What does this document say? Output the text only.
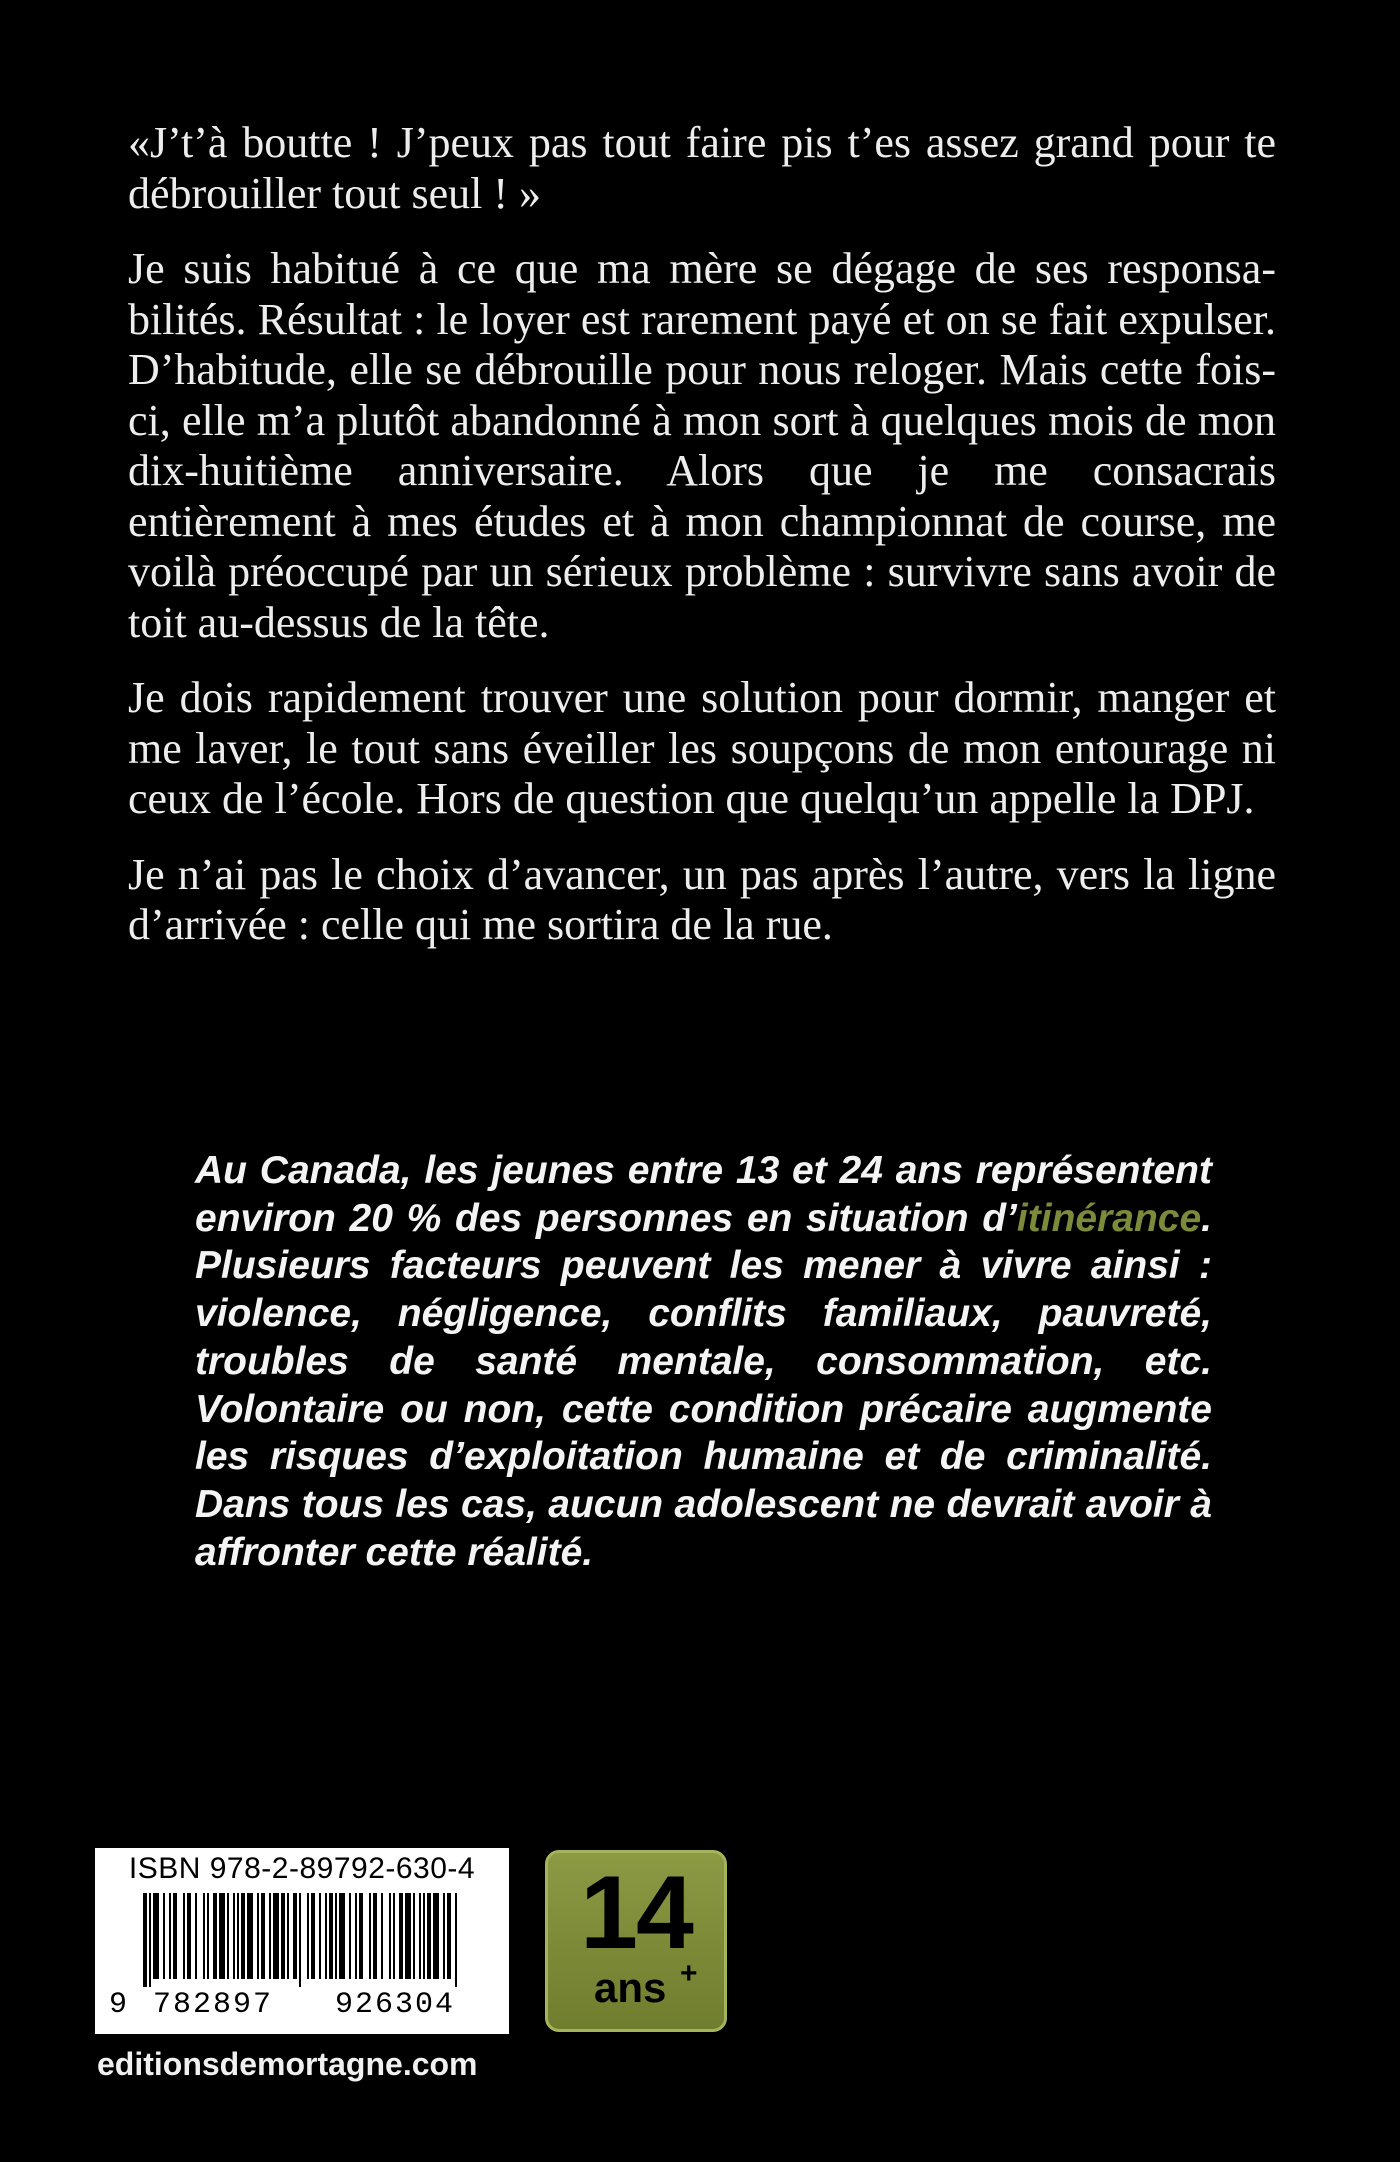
«J’t’à boutte ! J’peux pas tout faire pis t’es assez grand pour te débrouiller tout seul ! »

Je suis habitué à ce que ma mère se dégage de ses responsabilités. Résultat : le loyer est rarement payé et on se fait expulser. D’habitude, elle se débrouille pour nous reloger. Mais cette fois-ci, elle m’a plutôt abandonné à mon sort à quelques mois de mon dix-huitième anniversaire. Alors que je me consacrais entièrement à mes études et à mon championnat de course, me voilà préoccupé par un sérieux problème : survivre sans avoir de toit au-dessus de la tête.

Je dois rapidement trouver une solution pour dormir, manger et me laver, le tout sans éveiller les soupçons de mon entourage ni ceux de l’école. Hors de question que quelqu’un appelle la DPJ.

Je n’ai pas le choix d’avancer, un pas après l’autre, vers la ligne d’arrivée : celle qui me sortira de la rue.

Au Canada, les jeunes entre 13 et 24 ans représentent environ 20 % des personnes en situation d’itinérance. Plusieurs facteurs peuvent les mener à vivre ainsi : violence, négligence, conflits familiaux, pauvreté, troubles de santé mentale, consommation, etc. Volontaire ou non, cette condition précaire augmente les risques d’exploitation humaine et de criminalité. Dans tous les cas, aucun adolescent ne devrait avoir à affronter cette réalité.
ISBN 978-2-89792-630-4
9 782897 926304
14
ans +
editionsdemortagne.com
